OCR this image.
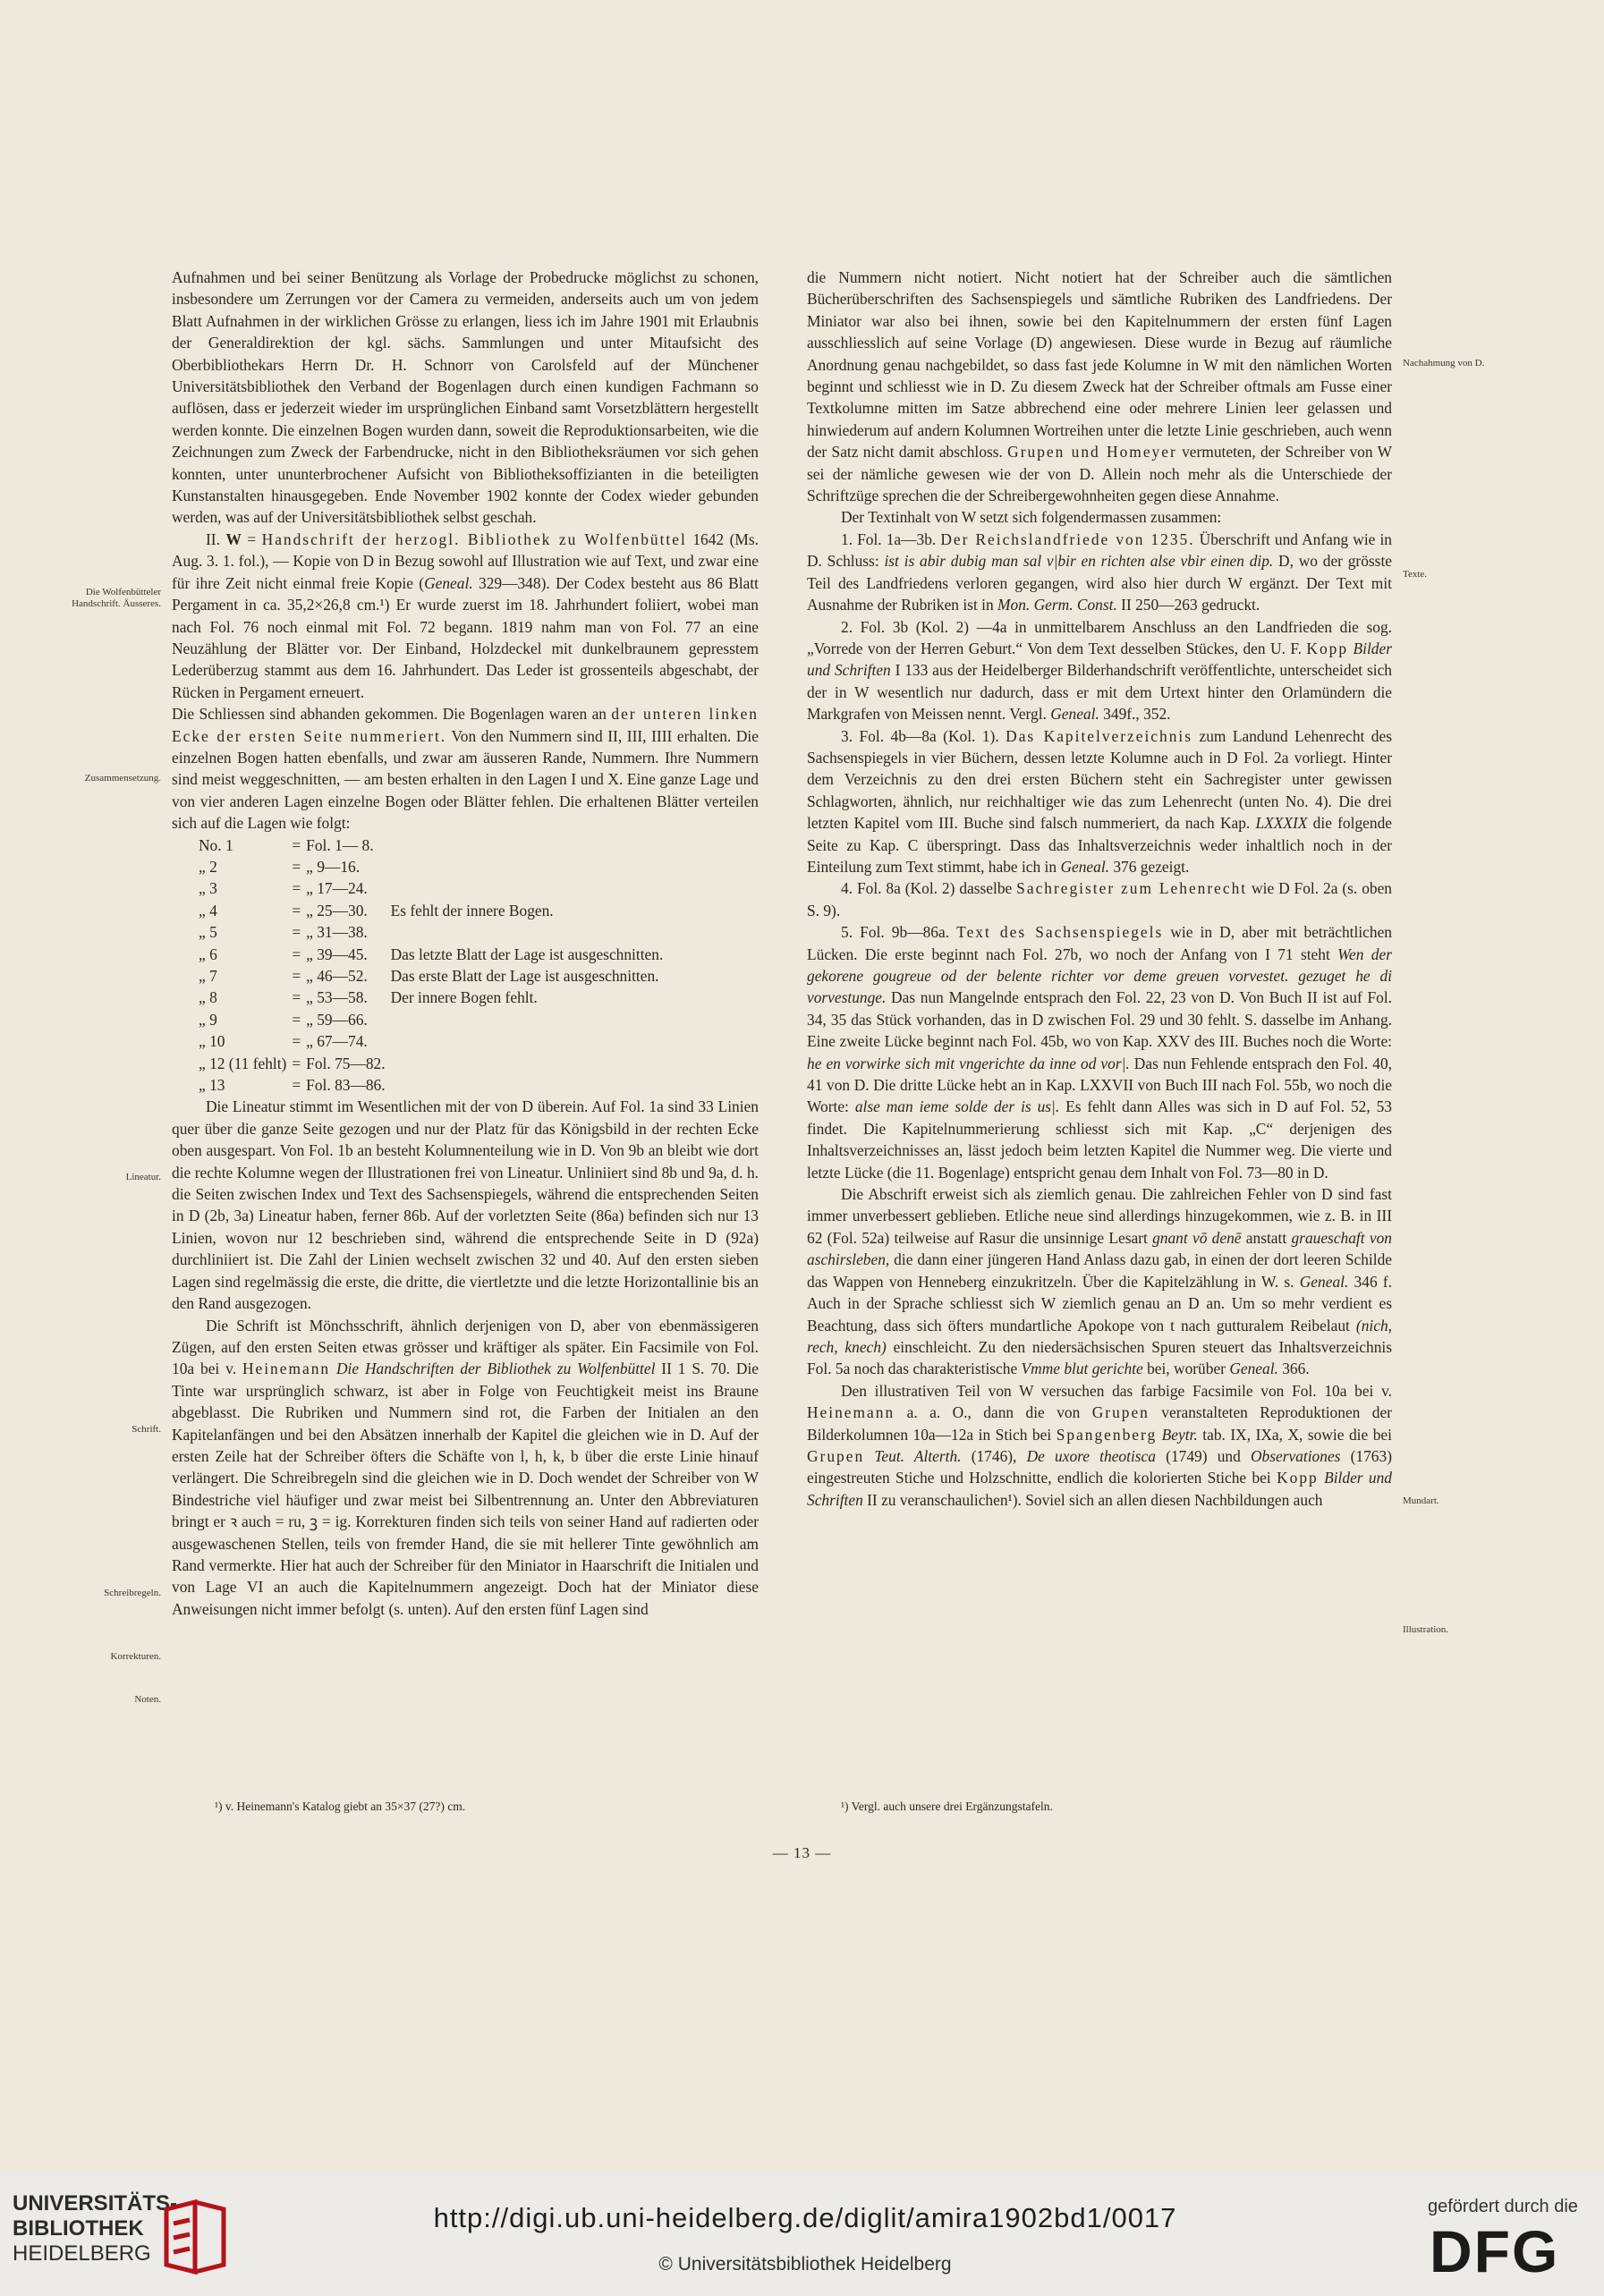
Die Wolfenbütteler Handschrift. Äusseres.
Zusammensetzung.
Lineatur.
Schrift.
Schreibregeln.
Korrekturen.
Noten.
Nachahmung von D.
Texte.
Mundart.
Illustration.

Aufnahmen und bei seiner Benützung als Vorlage der Probedrucke möglichst zu schonen, insbesondere um Zerrungen vor der Camera zu vermeiden, anderseits auch um von jedem Blatt Aufnahmen in der wirklichen Grösse zu erlangen, liess ich im Jahre 1901 mit Erlaubnis der Generaldirektion der kgl. sächs. Sammlungen und unter Mitaufsicht des Oberbibliothekars Herrn Dr. H. Schnorr von Carolsfeld auf der Münchener Universitätsbibliothek den Verband der Bogenlagen durch einen kundigen Fachmann so auflösen, dass er jederzeit wieder im ursprünglichen Einband samt Vorsetzblättern hergestellt werden konnte. Die einzelnen Bogen wurden dann, soweit die Reproduktionsarbeiten, wie die Zeichnungen zum Zweck der Farbendrucke, nicht in den Bibliotheksräumen vor sich gehen konnten, unter ununterbrochener Aufsicht von Bibliotheksoffizianten in die beteiligten Kunstanstalten hinausgegeben. Ende November 1902 konnte der Codex wieder gebunden werden, was auf der Universitätsbibliothek selbst geschah.

II. W = Handschrift der herzogl. Bibliothek zu Wolfenbüttel 1642 (Ms. Aug. 3. 1. fol.), — Kopie von D in Bezug sowohl auf Illustration wie auf Text, und zwar eine für ihre Zeit nicht einmal freie Kopie (Geneal. 329—348). Der Codex besteht aus 86 Blatt Pergament in ca. 35,2×26,8 cm.¹) Er wurde zuerst im 18. Jahrhundert foliiert, wobei man nach Fol. 76 noch einmal mit Fol. 72 begann. 1819 nahm man von Fol. 77 an eine Neuzählung der Blätter vor. Der Einband, Holzdeckel mit dunkelbraunem gepresstem Lederüberzug stammt aus dem 16. Jahrhundert. Das Leder ist grossenteils abgeschabt, der Rücken in Pergament erneuert.

Die Schliessen sind abhanden gekommen. Die Bogenlagen waren an der unteren linken Ecke der ersten Seite nummeriert. Von den Nummern sind II, III, IIII erhalten. Die einzelnen Bogen hatten ebenfalls, und zwar am äusseren Rande, Nummern. Ihre Nummern sind meist weggeschnitten, — am besten erhalten in den Lagen I und X. Eine ganze Lage und von vier anderen Lagen einzelne Bogen oder Blätter fehlen. Die erhaltenen Blätter verteilen sich auf die Lagen wie folgt:

No. 1	=	Fol. 1— 8.	
„ 2	=	„ 9—16.	
„ 3	=	„ 17—24.	
„ 4	=	„ 25—30.	Es fehlt der innere Bogen.
„ 5	=	„ 31—38.	
„ 6	=	„ 39—45.	Das letzte Blatt der Lage ist ausgeschnitten.
„ 7	=	„ 46—52.	Das erste Blatt der Lage ist ausgeschnitten.
„ 8	=	„ 53—58.	Der innere Bogen fehlt.
„ 9	=	„ 59—66.	
„ 10	=	„ 67—74.	
„ 12 (11 fehlt)	=	Fol. 75—82.	
„ 13	=	Fol. 83—86.	

Die Lineatur stimmt im Wesentlichen mit der von D überein. Auf Fol. 1a sind 33 Linien quer über die ganze Seite gezogen und nur der Platz für das Königsbild in der rechten Ecke oben ausgespart. Von Fol. 1b an besteht Kolumnenteilung wie in D. Von 9b an bleibt wie dort die rechte Kolumne wegen der Illustrationen frei von Lineatur. Unliniiert sind 8b und 9a, d. h. die Seiten zwischen Index und Text des Sachsenspiegels, während die entsprechenden Seiten in D (2b, 3a) Lineatur haben, ferner 86b. Auf der vorletzten Seite (86a) befinden sich nur 13 Linien, wovon nur 12 beschrieben sind, während die entsprechende Seite in D (92a) durchliniiert ist. Die Zahl der Linien wechselt zwischen 32 und 40. Auf den ersten sieben Lagen sind regelmässig die erste, die dritte, die viertletzte und die letzte Horizontallinie bis an den Rand ausgezogen.

Die Schrift ist Mönchsschrift, ähnlich derjenigen von D, aber von ebenmässigeren Zügen, auf den ersten Seiten etwas grösser und kräftiger als später. Ein Facsimile von Fol. 10a bei v. Heinemann Die Handschriften der Bibliothek zu Wolfenbüttel II 1 S. 70. Die Tinte war ursprünglich schwarz, ist aber in Folge von Feuchtigkeit meist ins Braune abgeblasst. Die Rubriken und Nummern sind rot, die Farben der Initialen an den Kapitelanfängen und bei den Absätzen innerhalb der Kapitel die gleichen wie in D. Auf der ersten Zeile hat der Schreiber öfters die Schäfte von l, h, k, b über die erste Linie hinauf verlängert. Die Schreibregeln sind die gleichen wie in D. Doch wendet der Schreiber von W Bindestriche viel häufiger und zwar meist bei Silbentrennung an. Unter den Abbreviaturen bringt er ꝛ auch = ru, ꝫ = ig. Korrekturen finden sich teils von seiner Hand auf radierten oder ausgewaschenen Stellen, teils von fremder Hand, die sie mit hellerer Tinte gewöhnlich am Rand vermerkte. Hier hat auch der Schreiber für den Miniator in Haarschrift die Initialen und von Lage VI an auch die Kapitelnummern angezeigt. Doch hat der Miniator diese Anweisungen nicht immer befolgt (s. unten). Auf den ersten fünf Lagen sind

die Nummern nicht notiert. Nicht notiert hat der Schreiber auch die sämtlichen Bücherüberschriften des Sachsenspiegels und sämtliche Rubriken des Landfriedens. Der Miniator war also bei ihnen, sowie bei den Kapitelnummern der ersten fünf Lagen ausschliesslich auf seine Vorlage (D) angewiesen. Diese wurde in Bezug auf räumliche Anordnung genau nachgebildet, so dass fast jede Kolumne in W mit den nämlichen Worten beginnt und schliesst wie in D. Zu diesem Zweck hat der Schreiber oftmals am Fusse einer Textkolumne mitten im Satze abbrechend eine oder mehrere Linien leer gelassen und hinwiederum auf andern Kolumnen Wortreihen unter die letzte Linie geschrieben, auch wenn der Satz nicht damit abschloss. Grupen und Homeyer vermuteten, der Schreiber von W sei der nämliche gewesen wie der von D. Allein noch mehr als die Unterschiede der Schriftzüge sprechen die der Schreibergewohnheiten gegen diese Annahme.

Der Textinhalt von W setzt sich folgendermassen zusammen:

1. Fol. 1a—3b. Der Reichslandfriede von 1235. Überschrift und Anfang wie in D. Schluss: ist is abir dubig man sal v|bir en richten alse vbir einen dip. D, wo der grösste Teil des Landfriedens verloren gegangen, wird also hier durch W ergänzt. Der Text mit Ausnahme der Rubriken ist in Mon. Germ. Const. II 250—263 gedruckt.

2. Fol. 3b (Kol. 2) —4a in unmittelbarem Anschluss an den Landfrieden die sog. „Vorrede von der Herren Geburt.“ Von dem Text desselben Stückes, den U. F. Kopp Bilder und Schriften I 133 aus der Heidelberger Bilderhandschrift veröffentlichte, unterscheidet sich der in W wesentlich nur dadurch, dass er mit dem Urtext hinter den Orlamündern die Markgrafen von Meissen nennt. Vergl. Geneal. 349f., 352.

3. Fol. 4b—8a (Kol. 1). Das Kapitelverzeichnis zum Landund Lehenrecht des Sachsenspiegels in vier Büchern, dessen letzte Kolumne auch in D Fol. 2a vorliegt. Hinter dem Verzeichnis zu den drei ersten Büchern steht ein Sachregister unter gewissen Schlagworten, ähnlich, nur reichhaltiger wie das zum Lehenrecht (unten No. 4). Die drei letzten Kapitel vom III. Buche sind falsch nummeriert, da nach Kap. LXXXIX die folgende Seite zu Kap. C überspringt. Dass das Inhaltsverzeichnis weder inhaltlich noch in der Einteilung zum Text stimmt, habe ich in Geneal. 376 gezeigt.

4. Fol. 8a (Kol. 2) dasselbe Sachregister zum Lehenrecht wie D Fol. 2a (s. oben S. 9).

5. Fol. 9b—86a. Text des Sachsenspiegels wie in D, aber mit beträchtlichen Lücken. Die erste beginnt nach Fol. 27b, wo noch der Anfang von I 71 steht Wen der gekorene gougreue od der belente richter vor deme greuen vorvestet. gezuget he di vorvestunge. Das nun Mangelnde entsprach den Fol. 22, 23 von D. Von Buch II ist auf Fol. 34, 35 das Stück vorhanden, das in D zwischen Fol. 29 und 30 fehlt. S. dasselbe im Anhang. Eine zweite Lücke beginnt nach Fol. 45b, wo von Kap. XXV des III. Buches noch die Worte: he en vorwirke sich mit vngerichte da inne od vor|. Das nun Fehlende entsprach den Fol. 40, 41 von D. Die dritte Lücke hebt an in Kap. LXXVII von Buch III nach Fol. 55b, wo noch die Worte: alse man ieme solde der is us|. Es fehlt dann Alles was sich in D auf Fol. 52, 53 findet. Die Kapitelnummerierung schliesst sich mit Kap. „C“ derjenigen des Inhaltsverzeichnisses an, lässt jedoch beim letzten Kapitel die Nummer weg. Die vierte und letzte Lücke (die 11. Bogenlage) entspricht genau dem Inhalt von Fol. 73—80 in D.

Die Abschrift erweist sich als ziemlich genau. Die zahlreichen Fehler von D sind fast immer unverbessert geblieben. Etliche neue sind allerdings hinzugekommen, wie z. B. in III 62 (Fol. 52a) teilweise auf Rasur die unsinnige Lesart gnant vō denē anstatt graueschaft von aschirsleben, die dann einer jüngeren Hand Anlass dazu gab, in einen der dort leeren Schilde das Wappen von Henneberg einzukritzeln. Über die Kapitelzählung in W. s. Geneal. 346 f. Auch in der Sprache schliesst sich W ziemlich genau an D an. Um so mehr verdient es Beachtung, dass sich öfters mundartliche Apokope von t nach gutturalem Reibelaut (nich, rech, knech) einschleicht. Zu den niedersächsischen Spuren steuert das Inhaltsverzeichnis Fol. 5a noch das charakteristische Vmme blut gerichte bei, worüber Geneal. 366.

Den illustrativen Teil von W versuchen das farbige Facsimile von Fol. 10a bei v. Heinemann a. a. O., dann die von Grupen veranstalteten Reproduktionen der Bilderkolumnen 10a—12a in Stich bei Spangenberg Beytr. tab. IX, IXa, X, sowie die bei Grupen Teut. Alterth. (1746), De uxore theotisca (1749) und Observationes (1763) eingestreuten Stiche und Holzschnitte, endlich die kolorierten Stiche bei Kopp Bilder und Schriften II zu veranschaulichen¹). Soviel sich an allen diesen Nachbildungen auch

¹) v. Heinemann's Katalog giebt an 35×37 (27?) cm.	¹) Vergl. auch unsere drei Ergänzungstafeln.
— 13 —
UNIVERSITÄTS-
BIBLIOTHEK
HEIDELBERG
http://digi.ub.uni-heidelberg.de/diglit/amira1902bd1/0017
© Universitätsbibliothek Heidelberg
gefördert durch die
DFG
